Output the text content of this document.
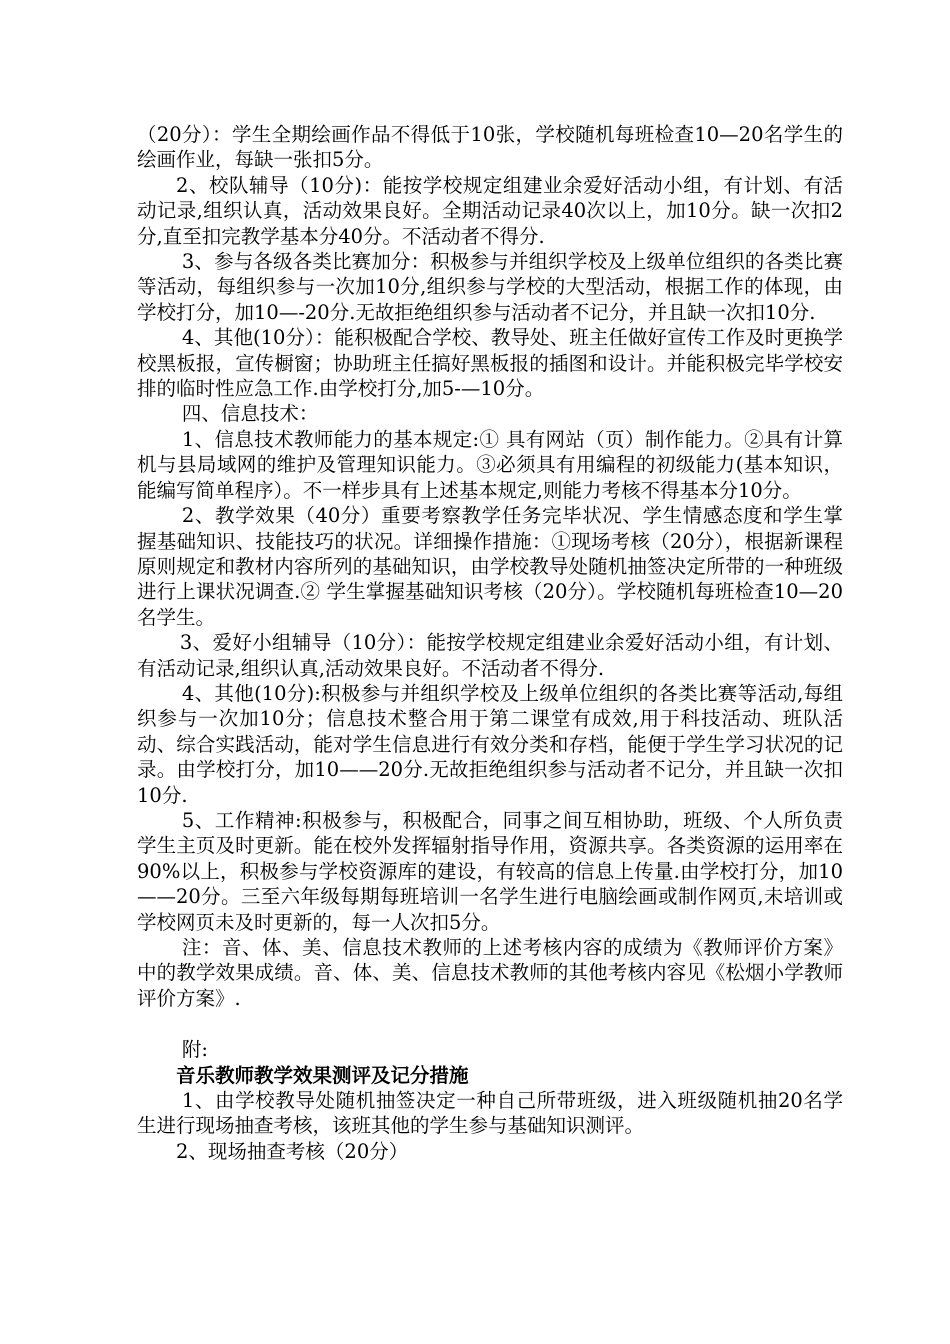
（20分）：学生全期绘画作品不得低于10张，学校随机每班检查10—20名学生的绘画作业，每缺一张扣5分。

2、校队辅导（10分)：能按学校规定组建业余爱好活动小组，有计划、有活动记录,组织认真，活动效果良好。全期活动记录40次以上，加10分。缺一次扣2分,直至扣完教学基本分40分。不活动者不得分.

3、参与各级各类比赛加分：积极参与并组织学校及上级单位组织的各类比赛等活动，每组织参与一次加10分,组织参与学校的大型活动，根据工作的体现，由学校打分，加10—-20分.无故拒绝组织参与活动者不记分，并且缺一次扣10分.

4、其他(10分）：能积极配合学校、教导处、班主任做好宣传工作及时更换学校黑板报，宣传橱窗；协助班主任搞好黑板报的插图和设计。并能积极完毕学校安排的临时性应急工作.由学校打分,加5-—10分。

四、信息技术：

1、信息技术教师能力的基本规定:① 具有网站（页）制作能力。②具有计算机与县局域网的维护及管理知识能力。③必须具有用编程的初级能力(基本知识，能编写简单程序）。不一样步具有上述基本规定,则能力考核不得基本分10分。

2、教学效果（40分）重要考察教学任务完毕状况、学生情感态度和学生掌握基础知识、技能技巧的状况。详细操作措施：①现场考核（20分），根据新课程原则规定和教材内容所列的基础知识，由学校教导处随机抽签决定所带的一种班级进行上课状况调查.② 学生掌握基础知识考核（20分）。学校随机每班检查10—20名学生。

3、爱好小组辅导（10分）：能按学校规定组建业余爱好活动小组，有计划、有活动记录,组织认真,活动效果良好。不活动者不得分.

4、其他(10分):积极参与并组织学校及上级单位组织的各类比赛等活动,每组织参与一次加10分；信息技术整合用于第二课堂有成效,用于科技活动、班队活动、综合实践活动，能对学生信息进行有效分类和存档，能便于学生学习状况的记录。由学校打分，加10——20分.无故拒绝组织参与活动者不记分，并且缺一次扣10分.

5、工作精神:积极参与，积极配合，同事之间互相协助，班级、个人所负责学生主页及时更新。能在校外发挥辐射指导作用，资源共享。各类资源的运用率在90%以上，积极参与学校资源库的建设，有较高的信息上传量.由学校打分，加10——20分。三至六年级每期每班培训一名学生进行电脑绘画或制作网页,未培训或学校网页未及时更新的，每一人次扣5分。

注：音、体、美、信息技术教师的上述考核内容的成绩为《教师评价方案》中的教学效果成绩。音、体、美、信息技术教师的其他考核内容见《松烟小学教师评价方案》.

附:

音乐教师教学效果测评及记分措施

1、由学校教导处随机抽签决定一种自己所带班级，进入班级随机抽20名学生进行现场抽查考核，该班其他的学生参与基础知识测评。

2、现场抽查考核（20分）
